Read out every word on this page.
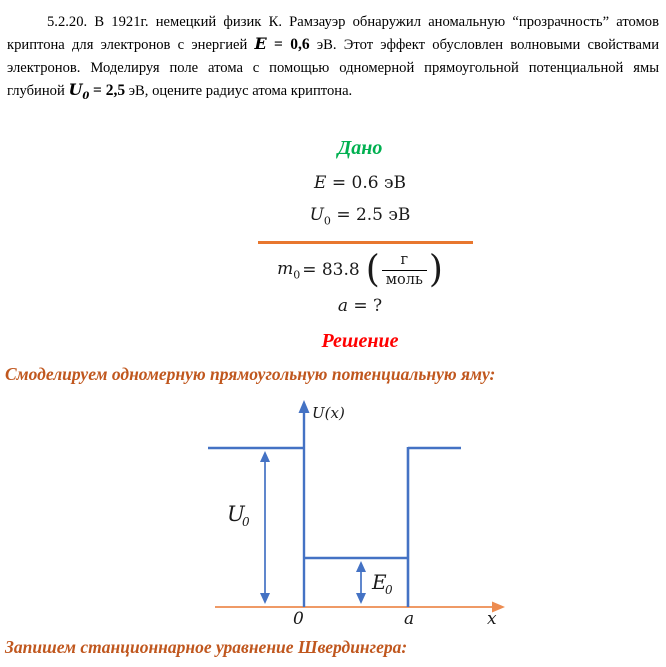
5.2.20. В 1921г. немецкий физик К. Рамзауэр обнаружил аномальную “прозрачность” атомов
криптона для электронов с энергией E = 0,6 эВ. Этот эффект обусловлен волновыми свойствами
электронов. Моделируя поле атома с помощью одномерной прямоугольной потенциальной ямы
глубиной $U_0 = 2,5$ эВ, оцените радиус атома криптона.
Дано
E = 0.6 эВ
$U_0 = 2.5$ эВ
$m_0 = 83.8$ ( $\frac{г}{\text{моль}}$ )
a = ?
Решение
Смоделируем одномерную прямоугольную потенциальную яму:
U(x)
U
0
E
0
0	a	x
Запишем станционнарное уравнение Швердингера:
